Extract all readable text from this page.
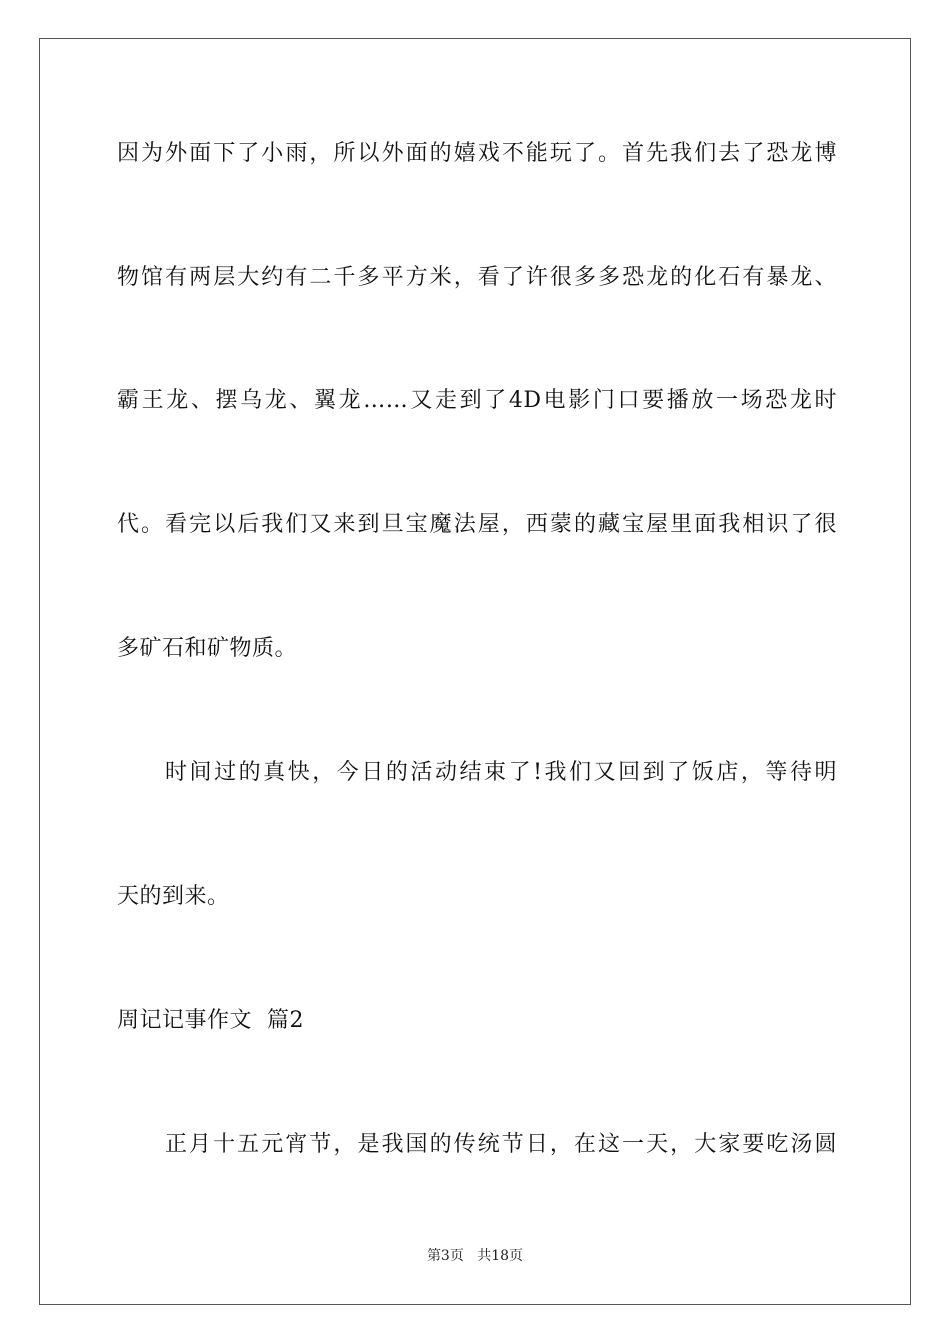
因为外面下了小雨，所以外面的嬉戏不能玩了。首先我们去了恐龙博
物馆有两层大约有二千多平方米，看了许很多多恐龙的化石有暴龙、
霸王龙、摆乌龙、翼龙……又走到了4D电影门口要播放一场恐龙时
代。看完以后我们又来到旦宝魔法屋，西蒙的藏宝屋里面我相识了很
多矿石和矿物质。
时间过的真快，今日的活动结束了!我们又回到了饭店，等待明
天的到来。
周记记事作文  篇2
正月十五元宵节，是我国的传统节日，在这一天，大家要吃汤圆
第3页 共18页
